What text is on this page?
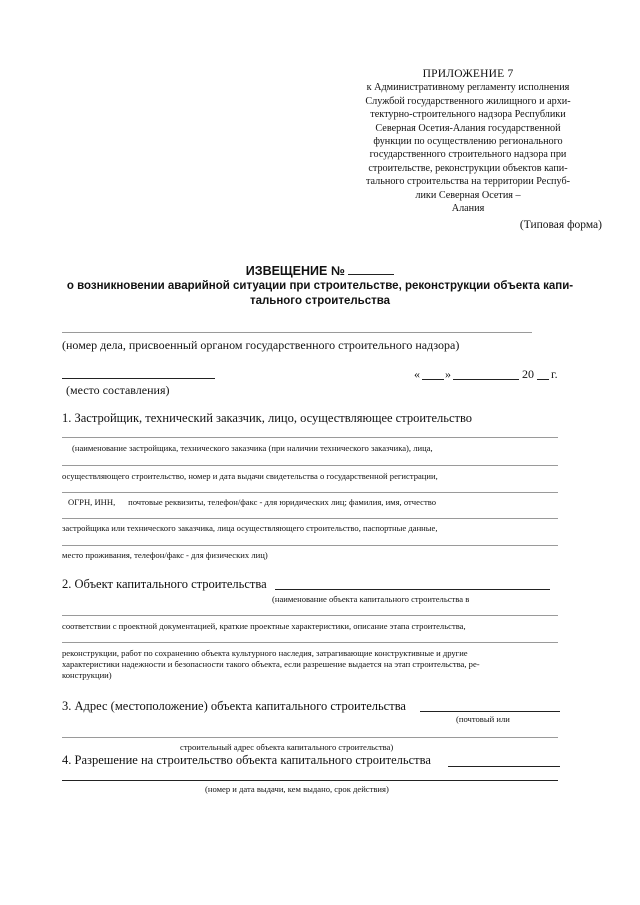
ПРИЛОЖЕНИЕ 7
к Административному регламенту исполнения
Службой государственного жилищного и архи-
тектурно-строительного надзора Республики
Северная Осетия-Алания государственной
функции по осуществлению регионального
государственного строительного надзора при
строительстве, реконструкции объектов капи-
тального строительства на территории Респуб-
лики Северная Осетия –
Алания
(Типовая форма)
ИЗВЕЩЕНИЕ №
о возникновении аварийной ситуации при строительстве, реконструкции объекта капи-
тального строительства
(номер дела, присвоенный органом государственного строительного надзора)
(место составления)
« »	20 г.
1. Застройщик, технический заказчик, лицо, осуществляющее строительство
(наименование застройщика, технического заказчика (при наличии технического заказчика), лица,
осуществляющего строительство, номер и дата выдачи свидетельства о государственной регистрации,
ОГРН, ИНН,      почтовые реквизиты, телефон/факс - для юридических лиц; фамилия, имя, отчество
застройщика или технического заказчика, лица осуществляющего строительство, паспортные данные,
место проживания, телефон/факс - для физических лиц)
2. Объект капитального строительства
(наименование объекта капитального строительства в
соответствии с проектной документацией, краткие проектные характеристики, описание этапа строительства,
реконструкции, работ по сохранению объекта культурного наследия, затрагивающие конструктивные и другие
характеристики надежности и безопасности такого объекта, если разрешение выдается на этап строительства, ре-
конструкции)
3. Адрес (местоположение) объекта капитального строительства
(почтовый или
строительный адрес объекта капитального строительства)
4. Разрешение на строительство объекта капитального строительства
(номер и дата выдачи, кем выдано, срок действия)
